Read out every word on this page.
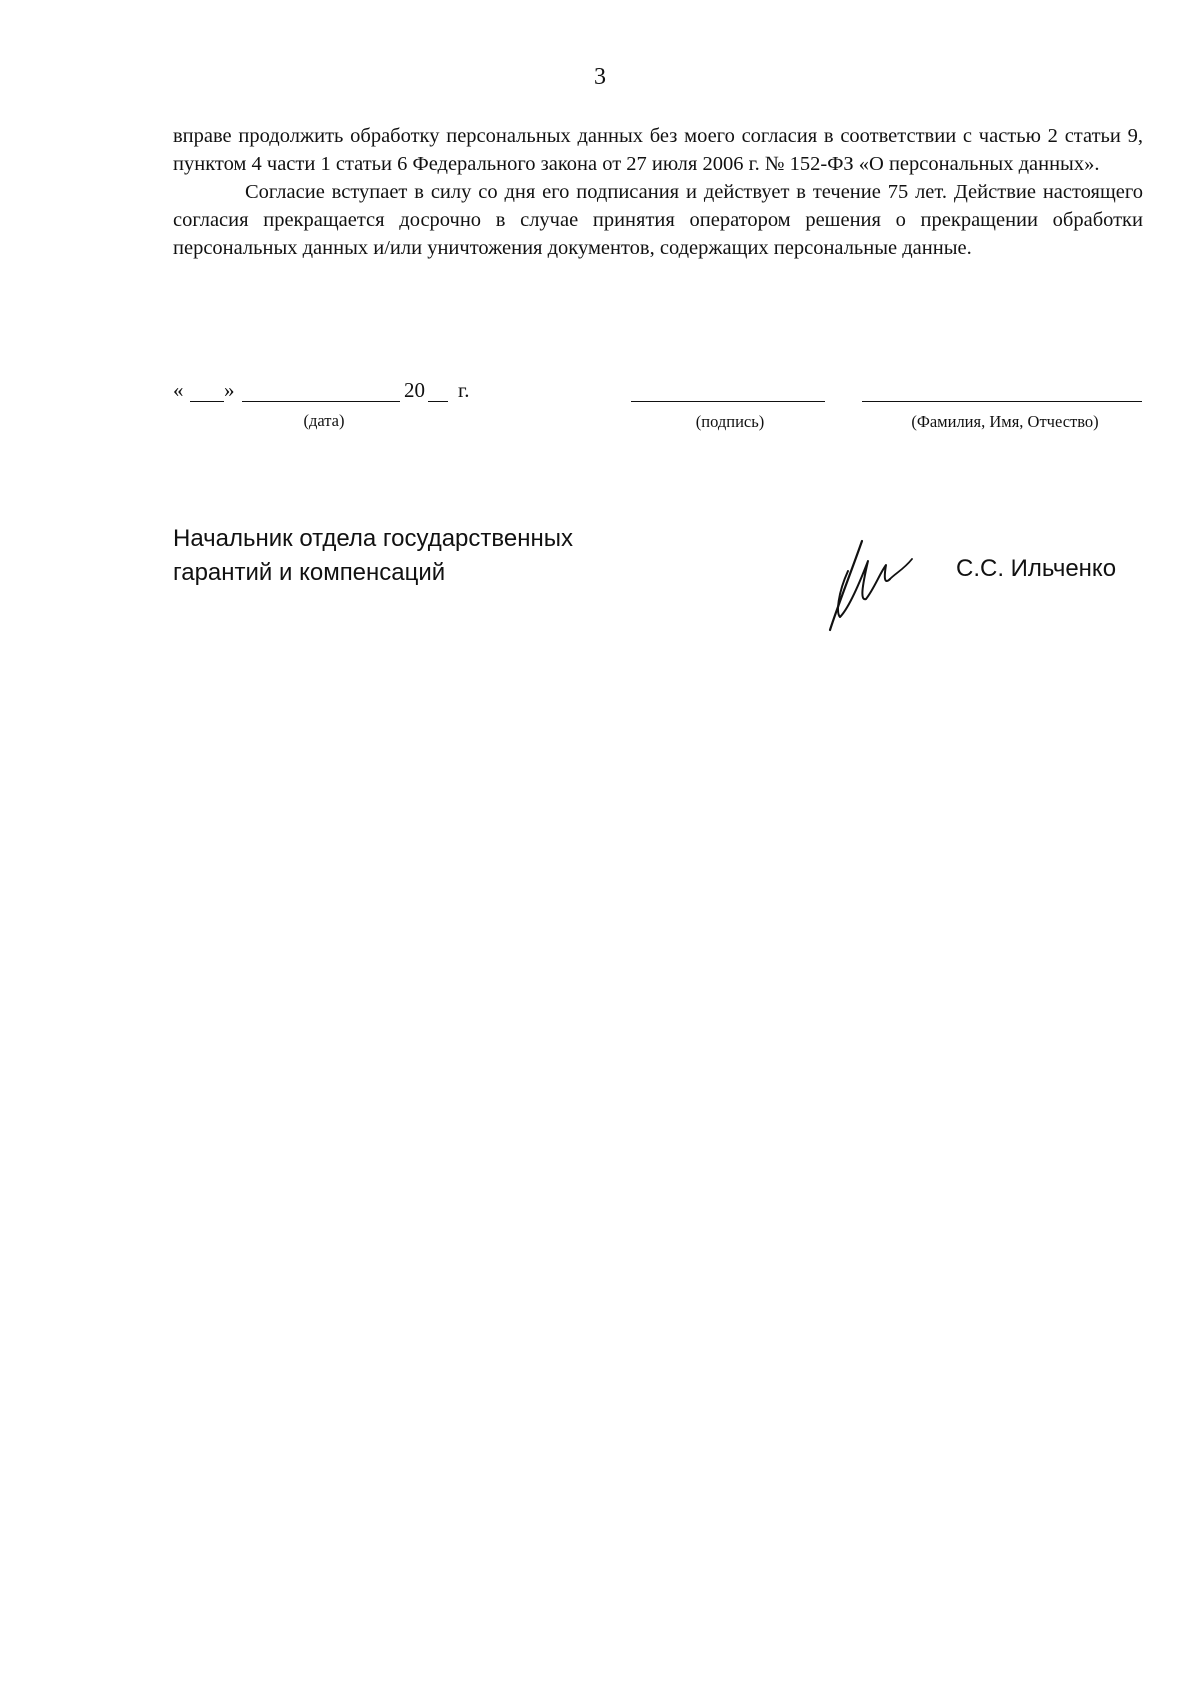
3

вправе продолжить обработку персональных данных без моего согласия в соответствии с частью 2 статьи 9, пунктом 4 части 1 статьи 6 Федерального закона от 27 июля 2006 г. № 152-ФЗ «О персональных данных».

Согласие вступает в силу со дня его подписания и действует в течение 75 лет. Действие настоящего согласия прекращается досрочно в случае принятия оператором решения о прекращении обработки персональных данных и/или уничтожения документов, содержащих персональные данные.

« »	20 г.
(дата)	(подпись)	(Фамилия, Имя, Отчество)
Начальник отдела государственных
гарантий и компенсаций	С.С. Ильченко
